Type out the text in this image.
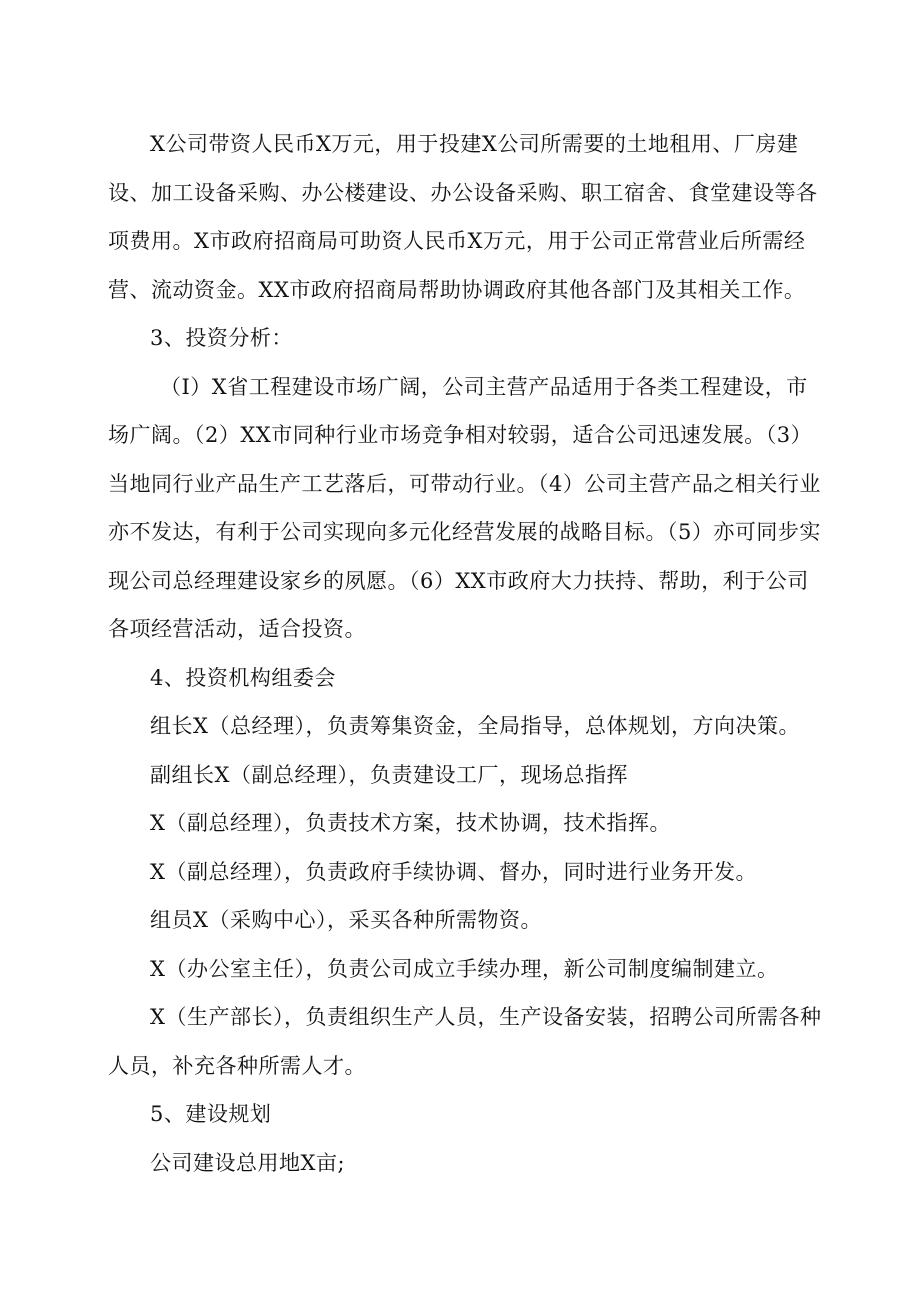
X公司带资人民币X万元，用于投建X公司所需要的土地租用、厂房建设、加工设备采购、办公楼建设、办公设备采购、职工宿舍、食堂建设等各项费用。X市政府招商局可助资人民币X万元，用于公司正常营业后所需经营、流动资金。XX市政府招商局帮助协调政府其他各部门及其相关工作。

3、投资分析：

（I）X省工程建设市场广阔，公司主营产品适用于各类工程建设，市场广阔。（2）XX市同种行业市场竞争相对较弱，适合公司迅速发展。（3）当地同行业产品生产工艺落后，可带动行业。（4）公司主营产品之相关行业亦不发达，有利于公司实现向多元化经营发展的战略目标。（5）亦可同步实现公司总经理建设家乡的夙愿。（6）XX市政府大力扶持、帮助，利于公司各项经营活动，适合投资。

4、投资机构组委会

组长X（总经理），负责筹集资金，全局指导，总体规划，方向决策。

副组长X（副总经理），负责建设工厂，现场总指挥

X（副总经理），负责技术方案，技术协调，技术指挥。

X（副总经理），负责政府手续协调、督办，同时进行业务开发。

组员X（采购中心），采买各种所需物资。

X（办公室主任），负责公司成立手续办理，新公司制度编制建立。

X（生产部长），负责组织生产人员，生产设备安装，招聘公司所需各种人员，补充各种所需人才。

5、建设规划

公司建设总用地X亩;
